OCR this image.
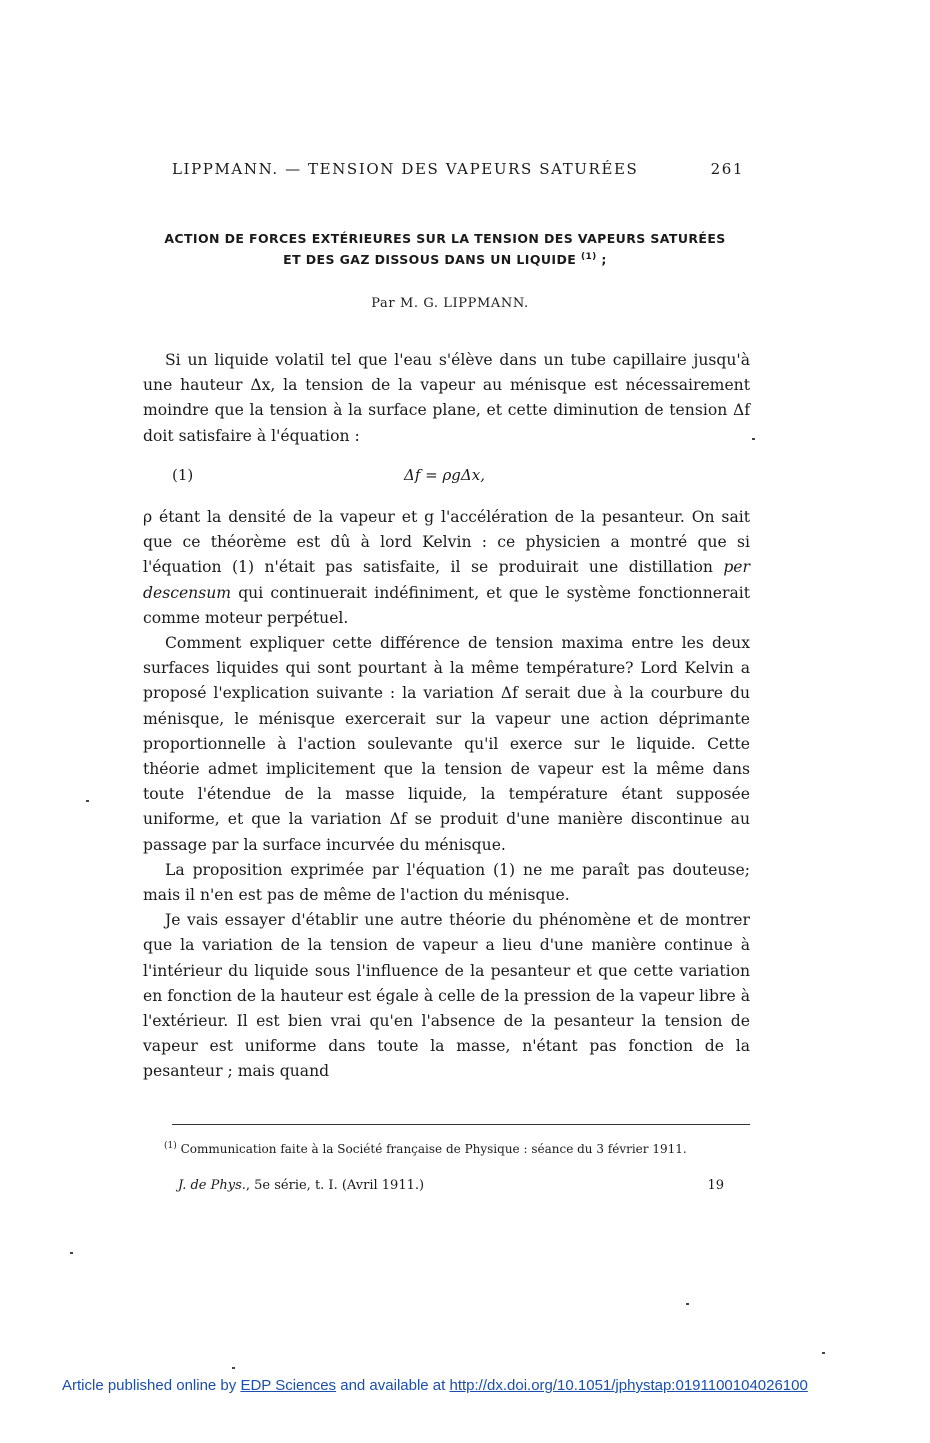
LIPPMANN. — TENSION DES VAPEURS SATURÉES	261
ACTION DE FORCES EXTÉRIEURES SUR LA TENSION DES VAPEURS SATURÉES
ET DES GAZ DISSOUS DANS UN LIQUIDE $^{(1)}$ ;
Par M. G. LIPPMANN.

Si un liquide volatil tel que l'eau s'élève dans un tube capillaire jusqu'à une hauteur Δx, la tension de la vapeur au ménisque est nécessairement moindre que la tension à la surface plane, et cette diminution de tension Δf doit satisfaire à l'équation :

(1)	Δf = ρgΔx,

ρ étant la densité de la vapeur et g l'accélération de la pesanteur. On sait que ce théorème est dû à lord Kelvin : ce physicien a montré que si l'équation (1) n'était pas satisfaite, il se produirait une distillation per descensum qui continuerait indéfiniment, et que le système fonctionnerait comme moteur perpétuel.

Comment expliquer cette différence de tension maxima entre les deux surfaces liquides qui sont pourtant à la même température? Lord Kelvin a proposé l'explication suivante : la variation Δf serait due à la courbure du ménisque, le ménisque exercerait sur la vapeur une action déprimante proportionnelle à l'action soulevante qu'il exerce sur le liquide. Cette théorie admet implicitement que la tension de vapeur est la même dans toute l'étendue de la masse liquide, la température étant supposée uniforme, et que la variation Δf se produit d'une manière discontinue au passage par la surface incurvée du ménisque.

La proposition exprimée par l'équation (1) ne me paraît pas douteuse; mais il n'en est pas de même de l'action du ménisque.

Je vais essayer d'établir une autre théorie du phénomène et de montrer que la variation de la tension de vapeur a lieu d'une manière continue à l'intérieur du liquide sous l'influence de la pesanteur et que cette variation en fonction de la hauteur est égale à celle de la pression de la vapeur libre à l'extérieur. Il est bien vrai qu'en l'absence de la pesanteur la tension de vapeur est uniforme dans toute la masse, n'étant pas fonction de la pesanteur ; mais quand

$^{(1)}$ Communication faite à la Société française de Physique : séance du 3 février 1911.
J. de Phys., 5e série, t. I. (Avril 1911.)	19
Article published online by EDP Sciences and available at http://dx.doi.org/10.1051/jphystap:0191100104026100
